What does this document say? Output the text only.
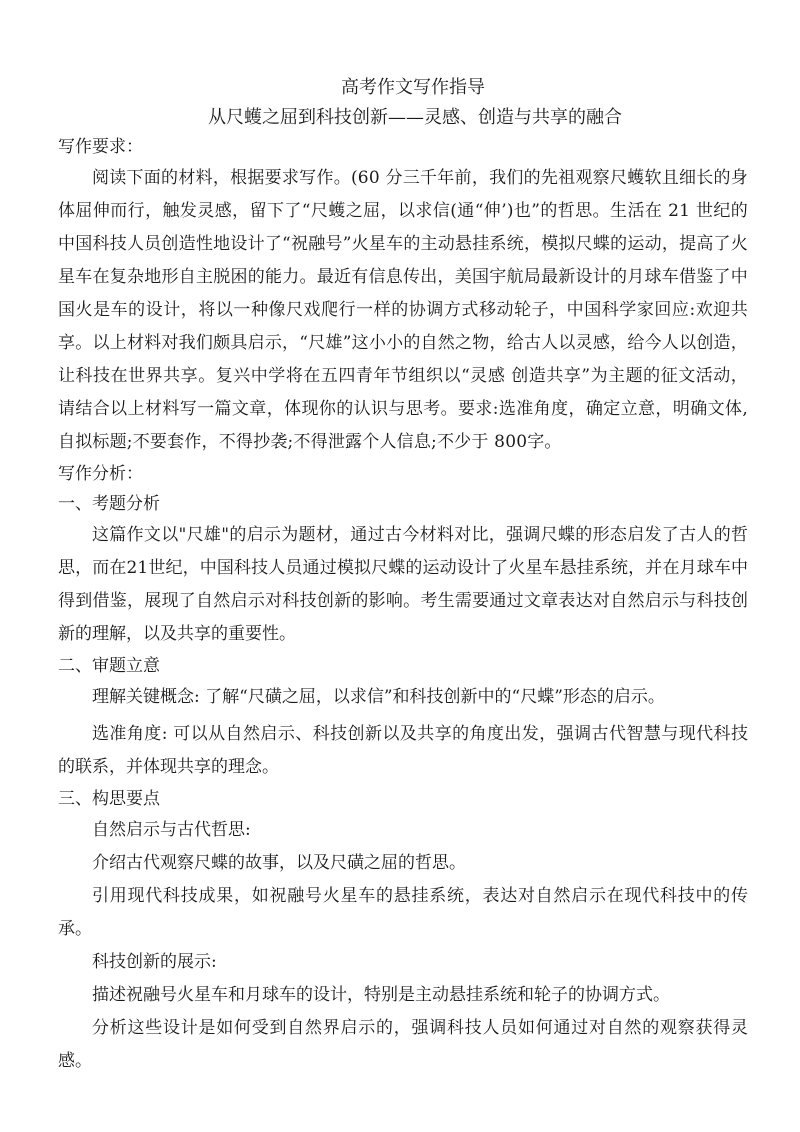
高考作文写作指导

从尺蠖之屈到科技创新——灵感、创造与共享的融合

写作要求：

阅读下面的材料，根据要求写作。(60 分三千年前，我们的先祖观察尺蠖软且细长的身体屈伸而行，触发灵感，留下了“尺蠖之屈，以求信(通“伸’)也”的哲思。生活在 21 世纪的中国科技人员创造性地设计了“祝融号”火星车的主动悬挂系统，模拟尺蝶的运动，提高了火星车在复杂地形自主脱困的能力。最近有信息传出，美国宇航局最新设计的月球车借鉴了中国火是车的设计，将以一种像尺戏爬行一样的协调方式移动轮子，中国科学家回应:欢迎共享。以上材料对我们颇具启示，“尺雄”这小小的自然之物，给古人以灵感，给今人以创造，让科技在世界共享。复兴中学将在五四青年节组织以“灵感 创造共享”为主题的征文活动，请结合以上材料写一篇文章，体现你的认识与思考。要求:选准角度，确定立意，明确文体,自拟标题;不要套作，不得抄袭;不得泄露个人信息;不少于 800字。

写作分析：

一、考题分析

这篇作文以"尺雄"的启示为题材，通过古今材料对比，强调尺蝶的形态启发了古人的哲思，而在21世纪，中国科技人员通过模拟尺蝶的运动设计了火星车悬挂系统，并在月球车中得到借鉴，展现了自然启示对科技创新的影响。考生需要通过文章表达对自然启示与科技创新的理解，以及共享的重要性。

二、审题立意

理解关键概念: 了解“尺磺之屈，以求信”和科技创新中的“尺蝶”形态的启示。

选准角度: 可以从自然启示、科技创新以及共享的角度出发，强调古代智慧与现代科技的联系，并体现共享的理念。

三、构思要点

自然启示与古代哲思:

介绍古代观察尺蝶的故事，以及尺磺之屈的哲思。

引用现代科技成果，如祝融号火星车的悬挂系统，表达对自然启示在现代科技中的传承。

科技创新的展示:

描述祝融号火星车和月球车的设计，特别是主动悬挂系统和轮子的协调方式。

分析这些设计是如何受到自然界启示的，强调科技人员如何通过对自然的观察获得灵感。
